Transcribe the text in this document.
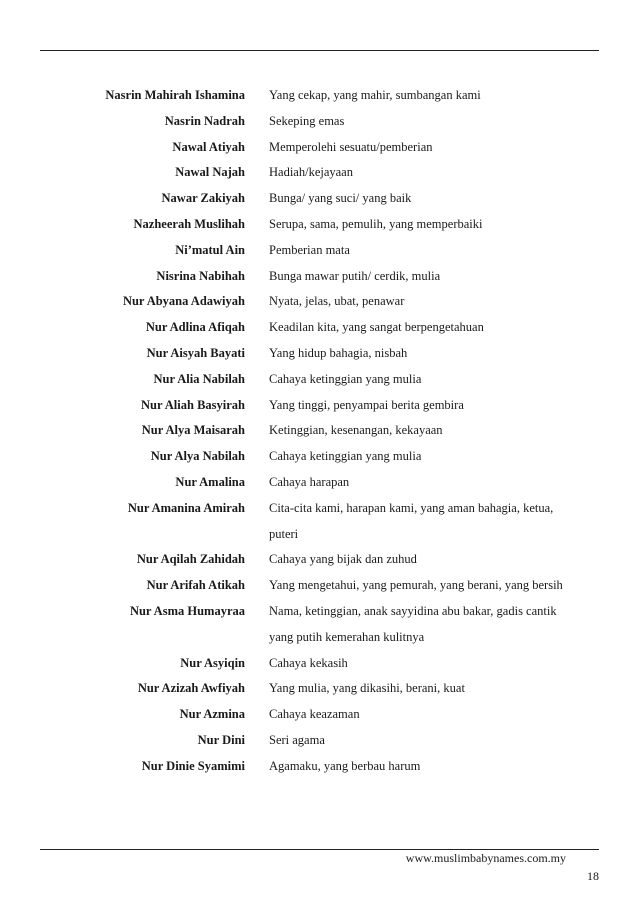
Nasrin Mahirah Ishamina Yang cekap, yang mahir, sumbangan kami
Nasrin Nadrah Sekeping emas
Nawal Atiyah Memperolehi sesuatu/pemberian
Nawal Najah Hadiah/kejayaan
Nawar Zakiyah Bunga/ yang suci/ yang baik
Nazheerah Muslihah Serupa, sama, pemulih, yang memperbaiki
Ni’matul Ain Pemberian mata
Nisrina Nabihah Bunga mawar putih/ cerdik, mulia
Nur Abyana Adawiyah Nyata, jelas, ubat, penawar
Nur Adlina Afiqah Keadilan kita, yang sangat berpengetahuan
Nur Aisyah Bayati Yang hidup bahagia, nisbah
Nur Alia Nabilah Cahaya ketinggian yang mulia
Nur Aliah Basyirah Yang tinggi, penyampai berita gembira
Nur Alya Maisarah Ketinggian, kesenangan, kekayaan
Nur Alya Nabilah Cahaya ketinggian yang mulia
Nur Amalina Cahaya harapan
Nur Amanina Amirah Cita-cita kami, harapan kami, yang aman bahagia, ketua, puteri
Nur Aqilah Zahidah Cahaya yang bijak dan zuhud
Nur Arifah Atikah Yang mengetahui, yang pemurah, yang berani, yang bersih
Nur Asma Humayraa Nama, ketinggian, anak sayyidina abu bakar, gadis cantik yang putih kemerahan kulitnya
Nur Asyiqin Cahaya kekasih
Nur Azizah Awfiyah Yang mulia, yang dikasihi, berani, kuat
Nur Azmina Cahaya keazaman
Nur Dini Seri agama
Nur Dinie Syamimi Agamaku, yang berbau harum
www.muslimbabynames.com.my
18
